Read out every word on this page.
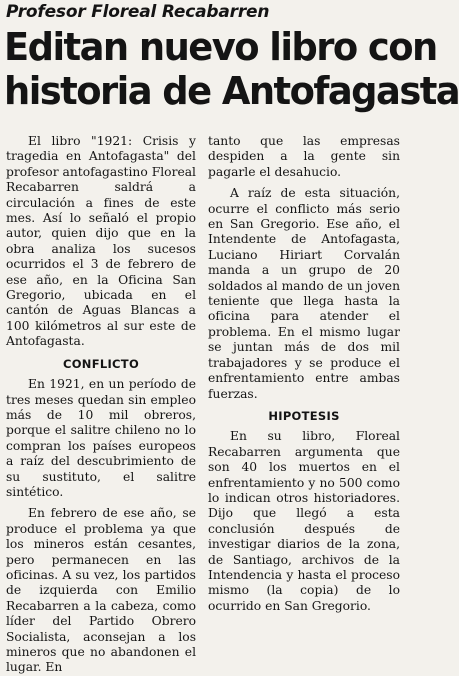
Profesor Floreal Recabarren
Editan nuevo libro con
historia de Antofagasta

El libro "1921: Crisis y tragedia en Antofagasta" del profesor antofagastino Floreal Recabarren saldrá a circulación a fines de este mes. Así lo señaló el propio autor, quien dijo que en la obra analiza los sucesos ocurridos el 3 de febrero de ese año, en la Oficina San Gregorio, ubicada en el cantón de Aguas Blancas a 100 kilómetros al sur este de Antofagasta.

CONFLICTO

En 1921, en un período de tres meses quedan sin empleo más de 10 mil obreros, porque el salitre chileno no lo compran los países europeos a raíz del descubrimiento de su sustituto, el salitre sintético.

En febrero de ese año, se produce el problema ya que los mineros están cesantes, pero permanecen en las oficinas. A su vez, los partidos de izquierda con Emilio Recabarren a la cabeza, como líder del Partido Obrero Socialista, aconsejan a los mineros que no abandonen el lugar. En

tanto que las empresas despiden a la gente sin pagarle el desahucio.

A raíz de esta situación, ocurre el conflicto más serio en San Gregorio. Ese año, el Intendente de Antofagasta, Luciano Hiriart Corvalán manda a un grupo de 20 soldados al mando de un joven teniente que llega hasta la oficina para atender el problema. En el mismo lugar se juntan más de dos mil trabajadores y se produce el enfrentamiento entre ambas fuerzas.

HIPOTESIS

En su libro, Floreal Recabarren argumenta que son 40 los muertos en el enfrentamiento y no 500 como lo indican otros historiadores. Dijo que llegó a esta conclusión después de investigar diarios de la zona, de Santiago, archivos de la Intendencia y hasta el proceso mismo (la copia) de lo ocurrido en San Gregorio.
